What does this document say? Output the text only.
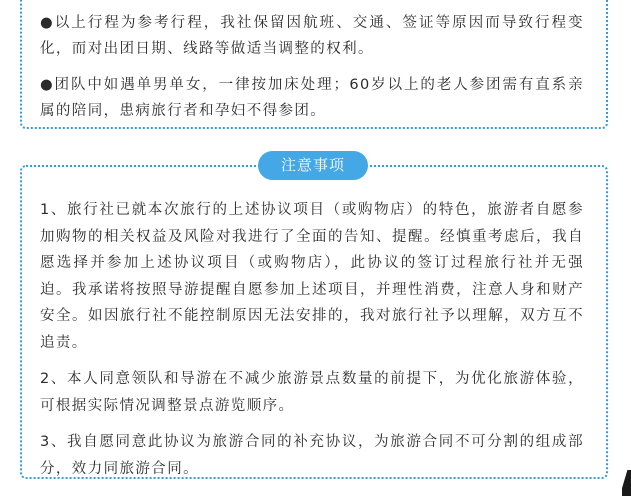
●以上行程为参考行程，我社保留因航班、交通、签证等原因而导致行程变化，而对出团日期、线路等做适当调整的权利。

●团队中如遇单男单女，一律按加床处理；60岁以上的老人参团需有直系亲属的陪同，患病旅行者和孕妇不得参团。

注意事项

1、旅行社已就本次旅行的上述协议项目（或购物店）的特色，旅游者自愿参加购物的相关权益及风险对我进行了全面的告知、提醒。经慎重考虑后，我自愿选择并参加上述协议项目（或购物店），此协议的签订过程旅行社并无强迫。我承诺将按照导游提醒自愿参加上述项目，并理性消费，注意人身和财产安全。如因旅行社不能控制原因无法安排的，我对旅行社予以理解，双方互不追责。

2、本人同意领队和导游在不减少旅游景点数量的前提下，为优化旅游体验，可根据实际情况调整景点游览顺序。

3、我自愿同意此协议为旅游合同的补充协议，为旅游合同不可分割的组成部分，效力同旅游合同。
